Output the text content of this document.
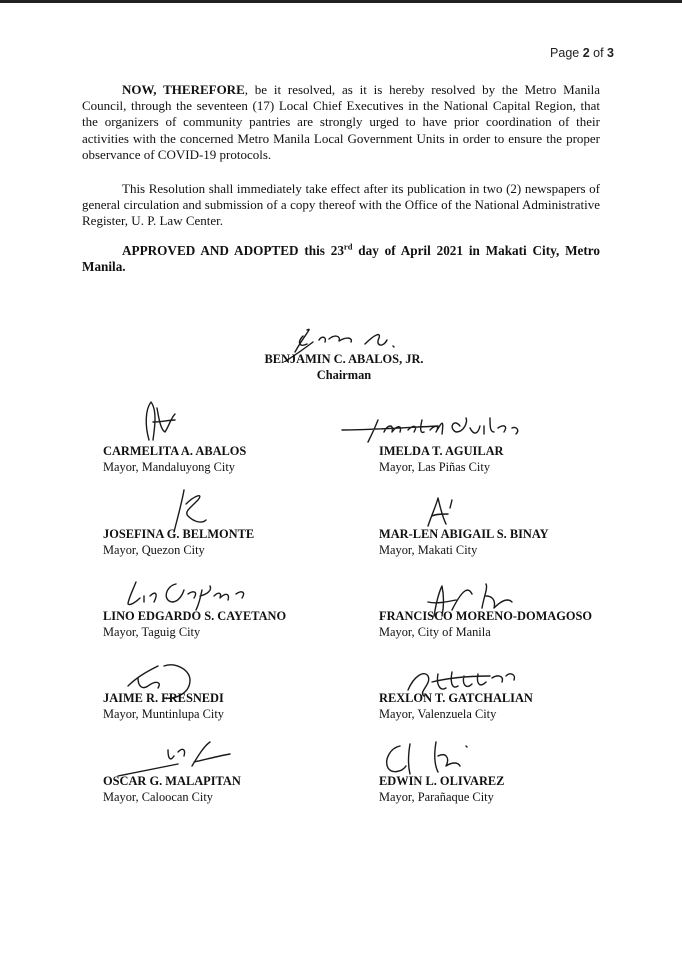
Page 2 of 3

NOW, THEREFORE, be it resolved, as it is hereby resolved by the Metro Manila Council, through the seventeen (17) Local Chief Executives in the National Capital Region, that the organizers of community pantries are strongly urged to have prior coordination of their activities with the concerned Metro Manila Local Government Units in order to ensure the proper observance of COVID-19 protocols.

This Resolution shall immediately take effect after its publication in two (2) newspapers of general circulation and submission of a copy thereof with the Office of the National Administrative Register, U. P. Law Center.

APPROVED AND ADOPTED this 23rd day of April 2021 in Makati City, Metro Manila.

BENJAMIN C. ABALOS, JR.
Chairman
CARMELITA A. ABALOS
Mayor, Mandaluyong City
JOSEFINA G. BELMONTE
Mayor, Quezon City
LINO EDGARDO S. CAYETANO
Mayor, Taguig City
JAIME R. FRESNEDI
Mayor, Muntinlupa City
OSCAR G. MALAPITAN
Mayor, Caloocan City
IMELDA T. AGUILAR
Mayor, Las Piñas City
MAR-LEN ABIGAIL S. BINAY
Mayor, Makati City
FRANCISCO MORENO-DOMAGOSO
Mayor, City of Manila
REXLON T. GATCHALIAN
Mayor, Valenzuela City
EDWIN L. OLIVAREZ
Mayor, Parañaque City
